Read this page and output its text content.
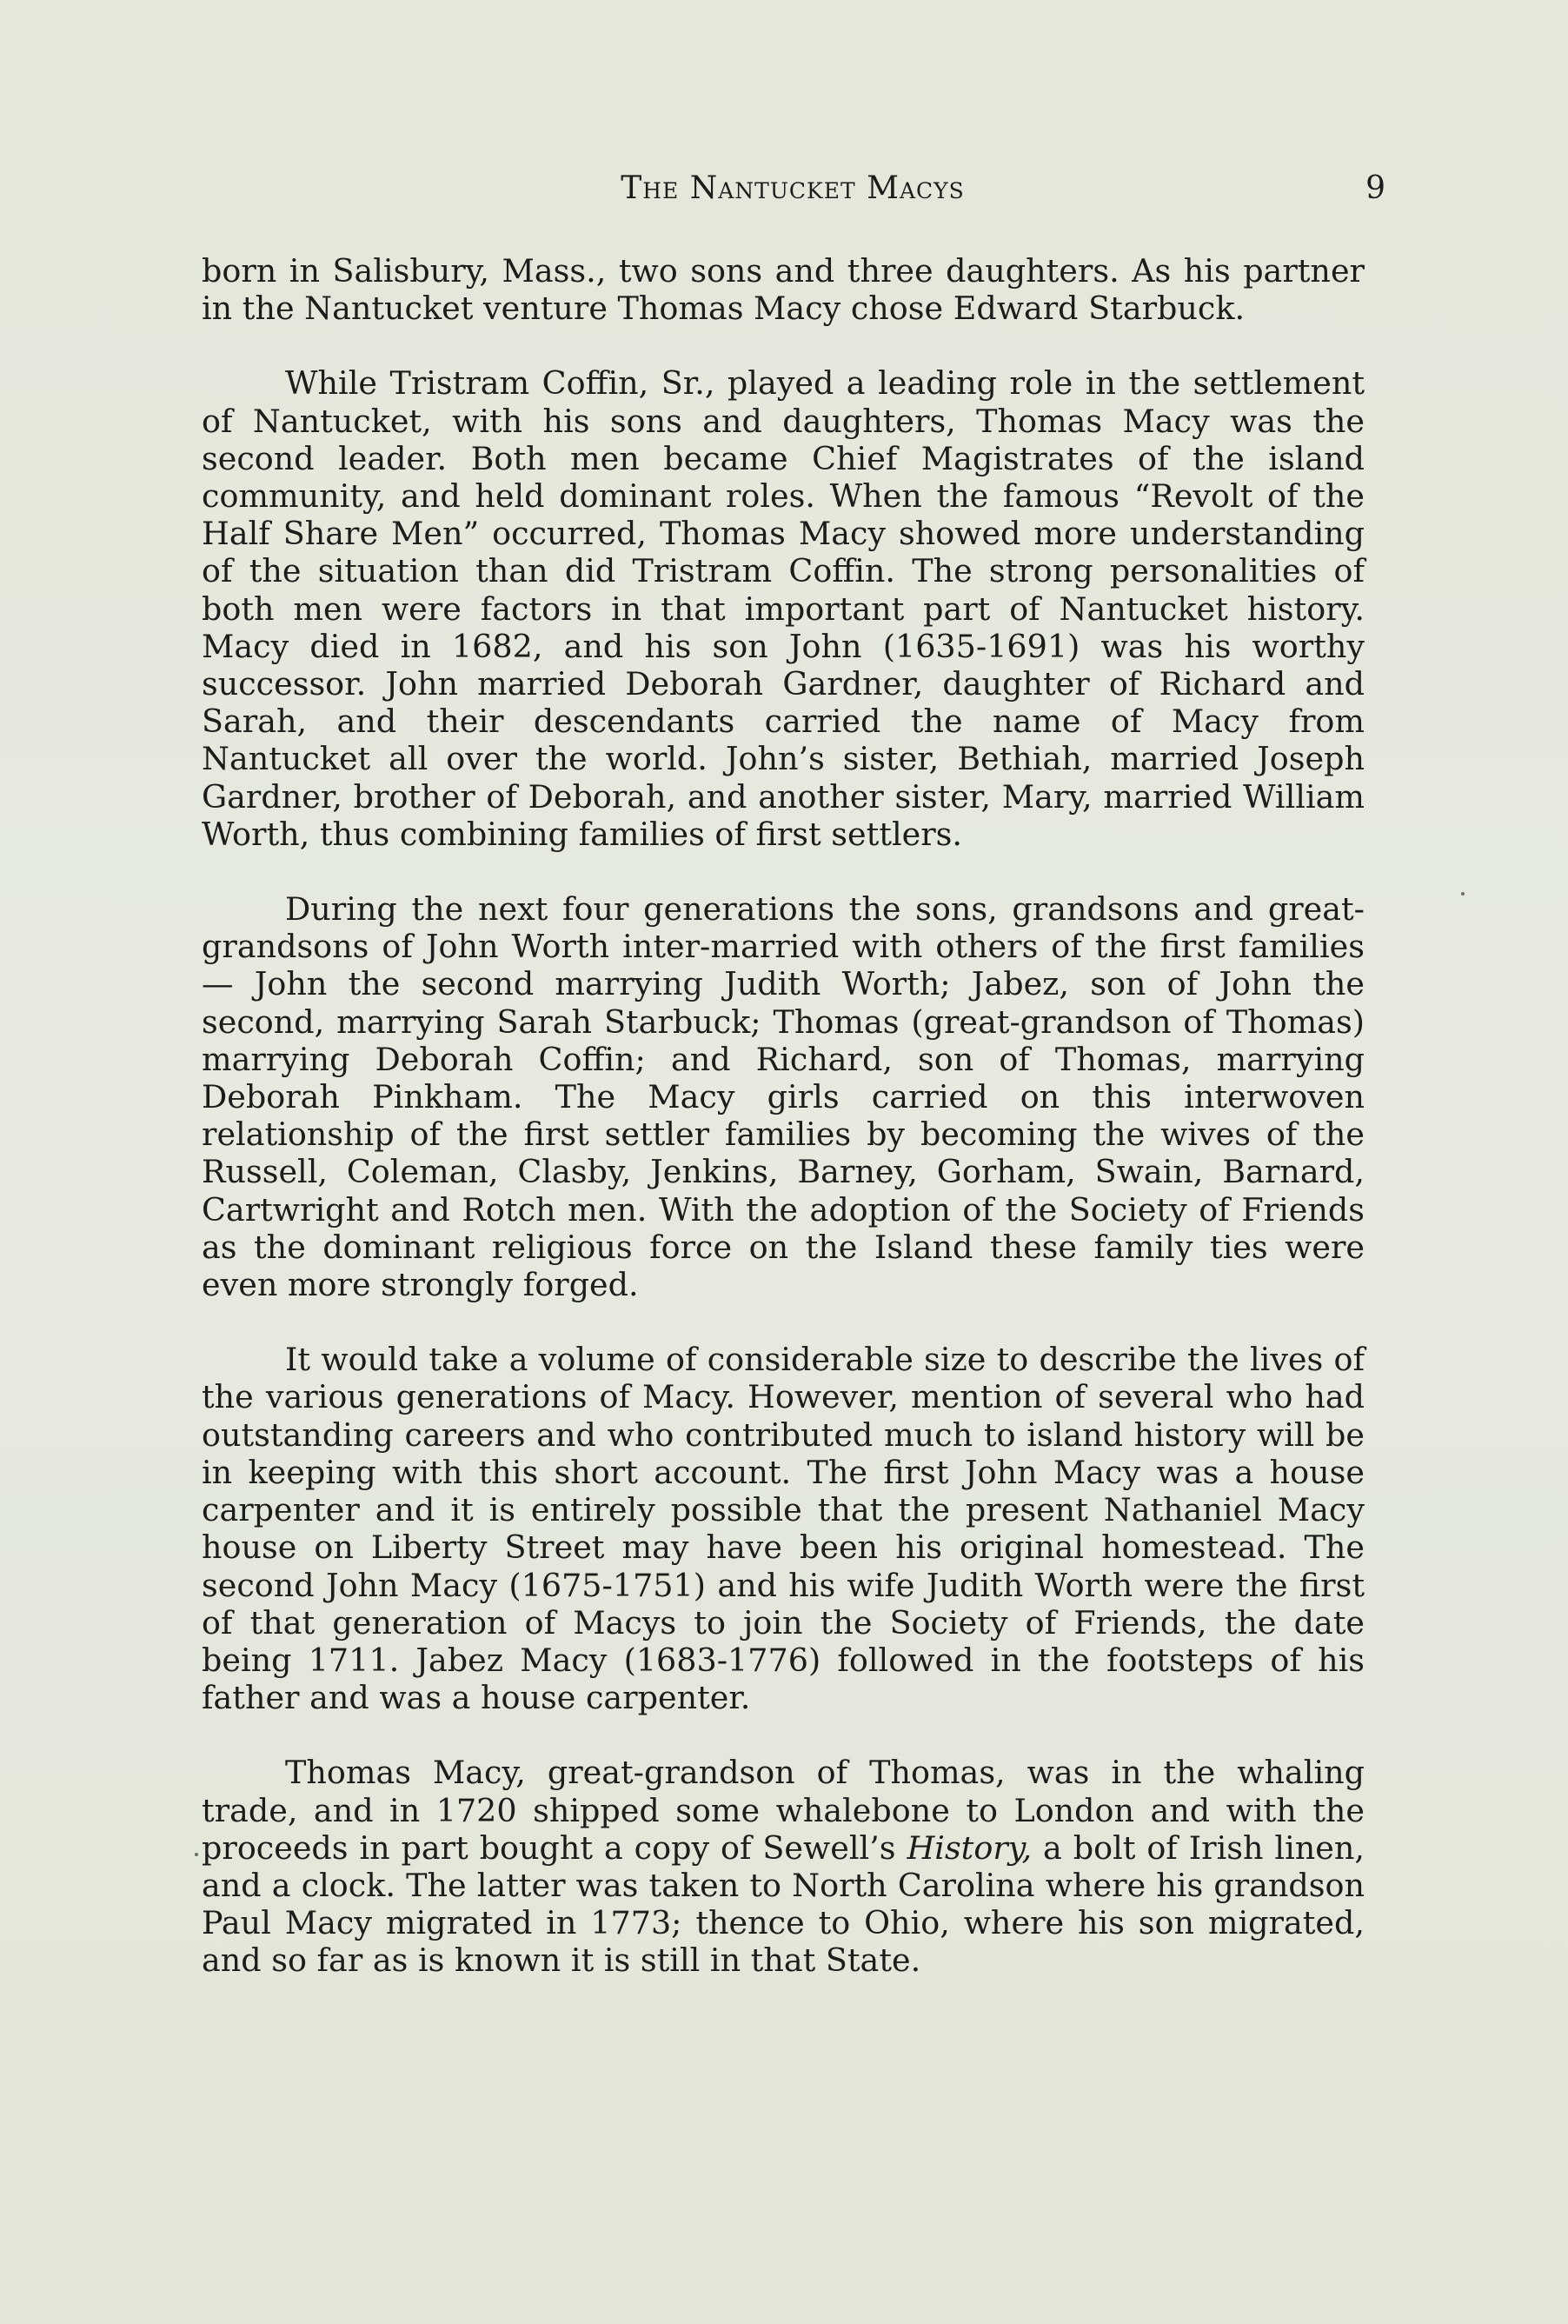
The Nantucket Macys	9

born in Salisbury, Mass., two sons and three daughters. As his partner in the Nantucket venture Thomas Macy chose Edward Starbuck.

While Tristram Coffin, Sr., played a leading role in the settlement of Nantucket, with his sons and daughters, Thomas Macy was the second leader. Both men became Chief Magistrates of the island community, and held dominant roles. When the famous “Revolt of the Half Share Men” occurred, Thomas Macy showed more understanding of the situation than did Tristram Coffin. The strong personalities of both men were factors in that important part of Nantucket history. Macy died in 1682, and his son John (1635-1691) was his worthy successor. John married Deborah Gardner, daughter of Richard and Sarah, and their descendants carried the name of Macy from Nantucket all over the world. John’s sister, Bethiah, married Joseph Gardner, brother of Deborah, and another sister, Mary, married William Worth, thus combining families of first settlers.

During the next four generations the sons, grandsons and great-grandsons of John Worth inter-married with others of the first families — John the second marrying Judith Worth; Jabez, son of John the second, marrying Sarah Starbuck; Thomas (great-grandson of Thomas) marrying Deborah Coffin; and Richard, son of Thomas, marrying Deborah Pinkham. The Macy girls carried on this interwoven relationship of the first settler families by becoming the wives of the Russell, Coleman, Clasby, Jenkins, Barney, Gorham, Swain, Barnard, Cartwright and Rotch men. With the adoption of the Society of Friends as the dominant religious force on the Island these family ties were even more strongly forged.

It would take a volume of considerable size to describe the lives of the various generations of Macy. However, mention of several who had outstanding careers and who contributed much to island history will be in keeping with this short account. The first John Macy was a house carpenter and it is entirely possible that the present Nathaniel Macy house on Liberty Street may have been his original homestead. The second John Macy (1675-1751) and his wife Judith Worth were the first of that generation of Macys to join the Society of Friends, the date being 1711. Jabez Macy (1683-1776) followed in the footsteps of his father and was a house carpenter.

Thomas Macy, great-grandson of Thomas, was in the whaling trade, and in 1720 shipped some whalebone to London and with the proceeds in part bought a copy of Sewell’s History, a bolt of Irish linen, and a clock. The latter was taken to North Carolina where his grandson Paul Macy migrated in 1773; thence to Ohio, where his son migrated, and so far as is known it is still in that State.
